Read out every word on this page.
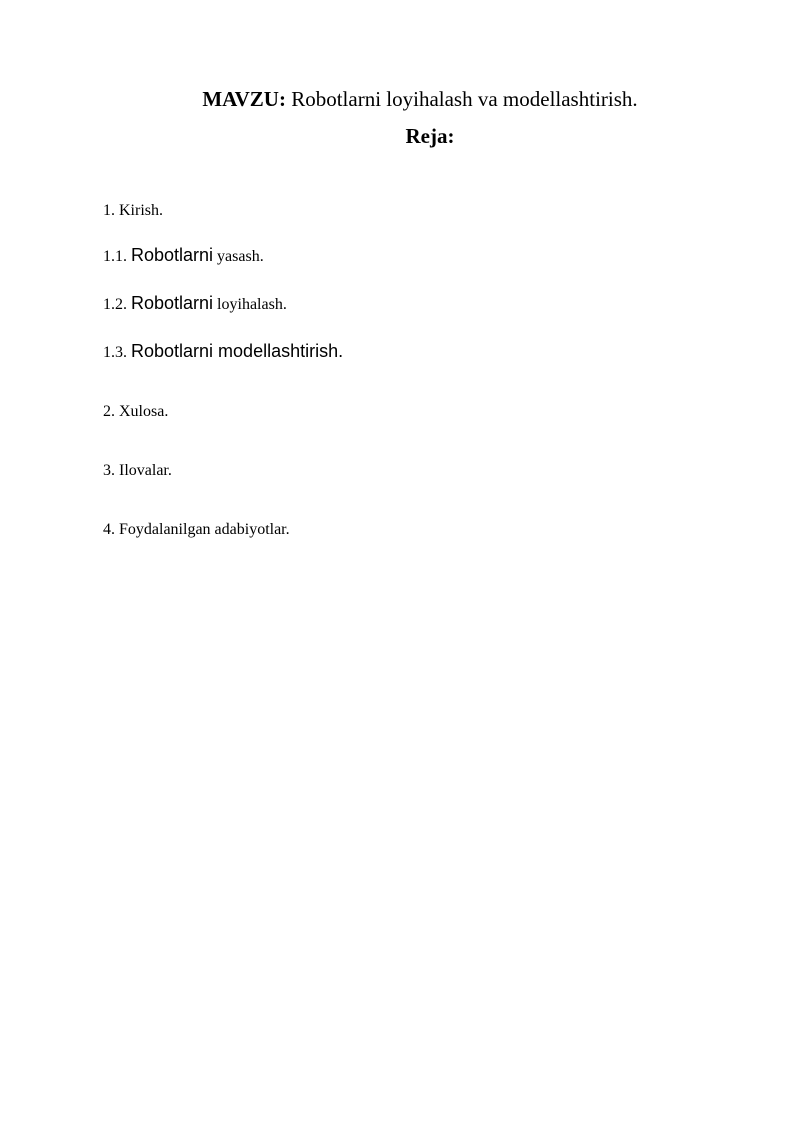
MAVZU: Robotlarni loyihalash va modellashtirish.
Reja:
1. Kirish.
1.1. Robotlarni yasash.
1.2. Robotlarni loyihalash.
1.3. Robotlarni modellashtirish.
2. Xulosa.
3. Ilovalar.
4. Foydalanilgan adabiyotlar.
